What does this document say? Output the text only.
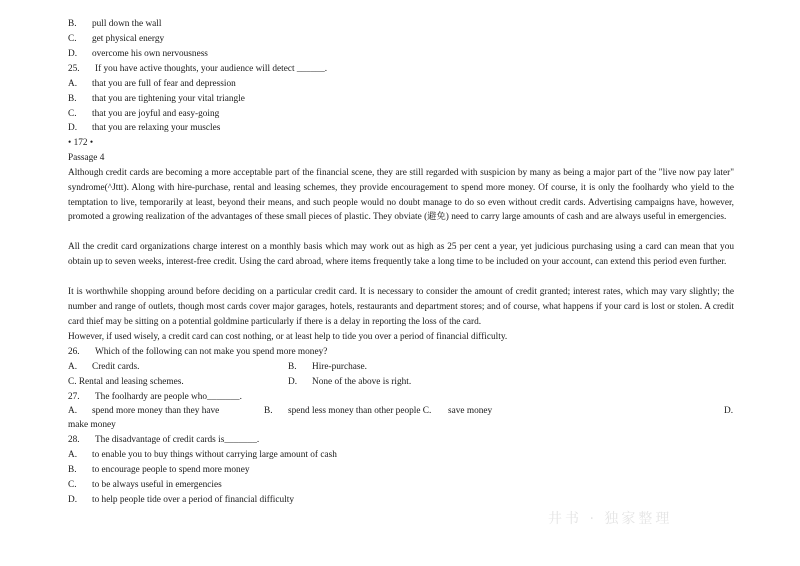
B. pull down the wall
C. get physical energy
D. overcome his own nervousness
25. If you have active thoughts, your audience will detect ______.
A. that you are full of fear and depression
B. that you are tightening your vital triangle
C. that you are joyful and easy-going
D. that you are relaxing your muscles
• 172 •
Passage 4
Although credit cards are becoming a more acceptable part of the financial scene, they are still regarded with suspicion by many as being a major part of the "live now pay later" syndrome(^Jttt). Along with hire-purchase, rental and leasing schemes, they provide encouragement to spend more money. Of course, it is only the foolhardy who yield to the temptation to live, temporarily at least, beyond their means, and such people would no doubt manage to do so even without credit cards. Advertising campaigns have, however, promoted a growing realization of the advantages of these small pieces of plastic. They obviate (避免) need to carry large amounts of cash and are always useful in emergencies.
All the credit card organizations charge interest on a monthly basis which may work out as high as 25 per cent a year, yet judicious purchasing using a card can mean that you obtain up to seven weeks, interest-free credit. Using the card abroad, where items frequently take a long time to be included on your account, can extend this period even further.
It is worthwhile shopping around before deciding on a particular credit card. It is necessary to consider the amount of credit granted; interest rates, which may vary slightly; the number and range of outlets, though most cards cover major garages, hotels, restaurants and department stores; and of course, what happens if your card is lost or stolen. A credit card thief may be sitting on a potential goldmine particularly if there is a delay in reporting the loss of the card.
However, if used wisely, a credit card can cost nothing, or at least help to tide you over a period of financial difficulty.
26. Which of the following can not make you spend more money?
A. Credit cards.	B. Hire-purchase.
C. Rental and leasing schemes.	D. None of the above is right.
27. The foolhardy are people who_______.
A. spend more money than they have	B. spend less money than other people C. save money	D.
make money
28. The disadvantage of credit cards is_______.
A. to enable you to buy things without carrying large amount of cash
B. to encourage people to spend more money
C. to be always useful in emergencies
D. to help people tide over a period of financial difficulty
井书 · 独家整理
